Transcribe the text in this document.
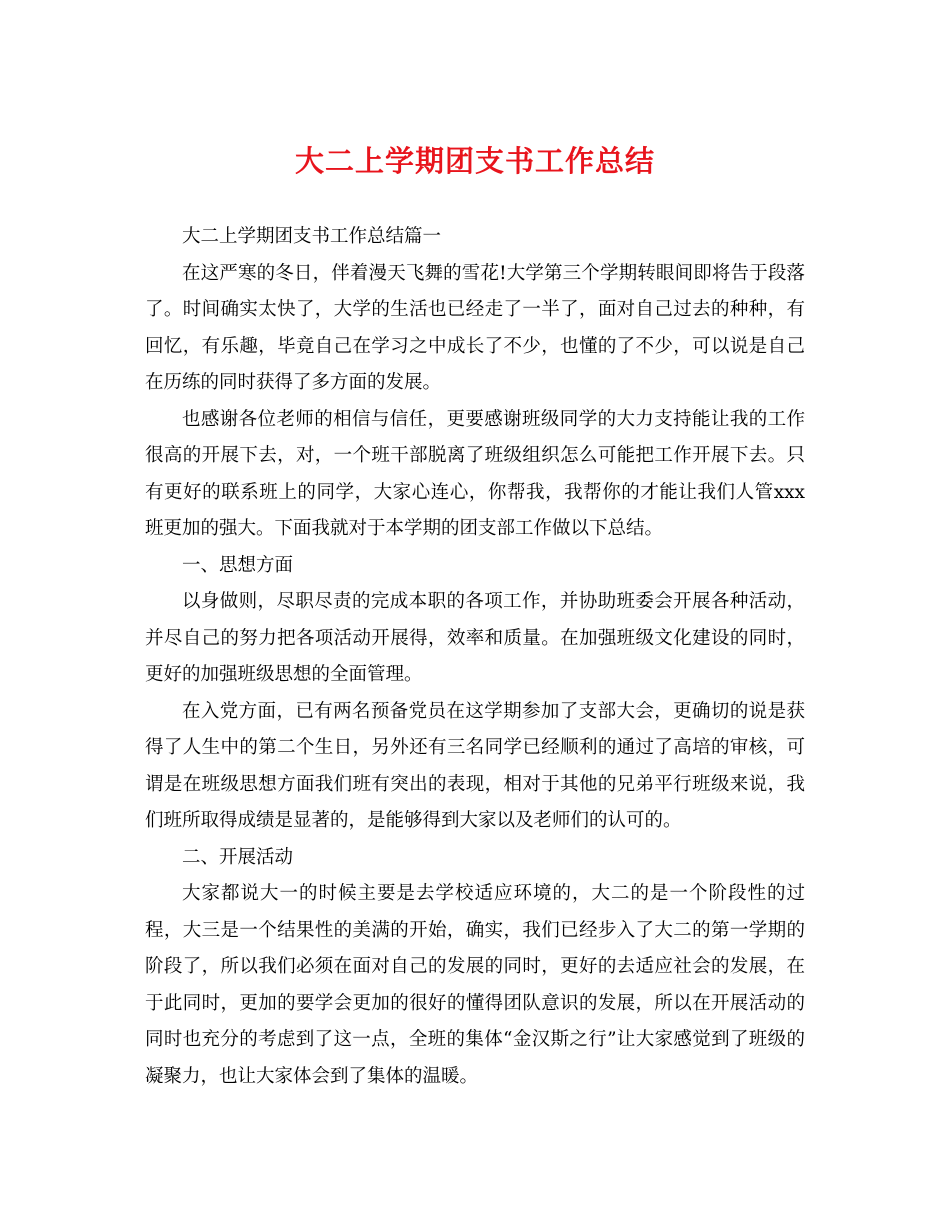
大二上学期团支书工作总结

大二上学期团支书工作总结篇一

在这严寒的冬日，伴着漫天飞舞的雪花!大学第三个学期转眼间即将告于段落了。时间确实太快了，大学的生活也已经走了一半了，面对自己过去的种种，有回忆，有乐趣，毕竟自己在学习之中成长了不少，也懂的了不少，可以说是自己在历练的同时获得了多方面的发展。

也感谢各位老师的相信与信任，更要感谢班级同学的大力支持能让我的工作很高的开展下去，对，一个班干部脱离了班级组织怎么可能把工作开展下去。只有更好的联系班上的同学，大家心连心，你帮我，我帮你的才能让我们人管xxx班更加的强大。下面我就对于本学期的团支部工作做以下总结。

一、思想方面

以身做则，尽职尽责的完成本职的各项工作，并协助班委会开展各种活动，并尽自己的努力把各项活动开展得，效率和质量。在加强班级文化建设的同时，更好的加强班级思想的全面管理。

在入党方面，已有两名预备党员在这学期参加了支部大会，更确切的说是获得了人生中的第二个生日，另外还有三名同学已经顺利的通过了高培的审核，可谓是在班级思想方面我们班有突出的表现，相对于其他的兄弟平行班级来说，我们班所取得成绩是显著的，是能够得到大家以及老师们的认可的。

二、开展活动

大家都说大一的时候主要是去学校适应环境的，大二的是一个阶段性的过程，大三是一个结果性的美满的开始，确实，我们已经步入了大二的第一学期的阶段了，所以我们必须在面对自己的发展的同时，更好的去适应社会的发展，在于此同时，更加的要学会更加的很好的懂得团队意识的发展，所以在开展活动的同时也充分的考虑到了这一点，全班的集体“金汉斯之行”让大家感觉到了班级的凝聚力，也让大家体会到了集体的温暖。
